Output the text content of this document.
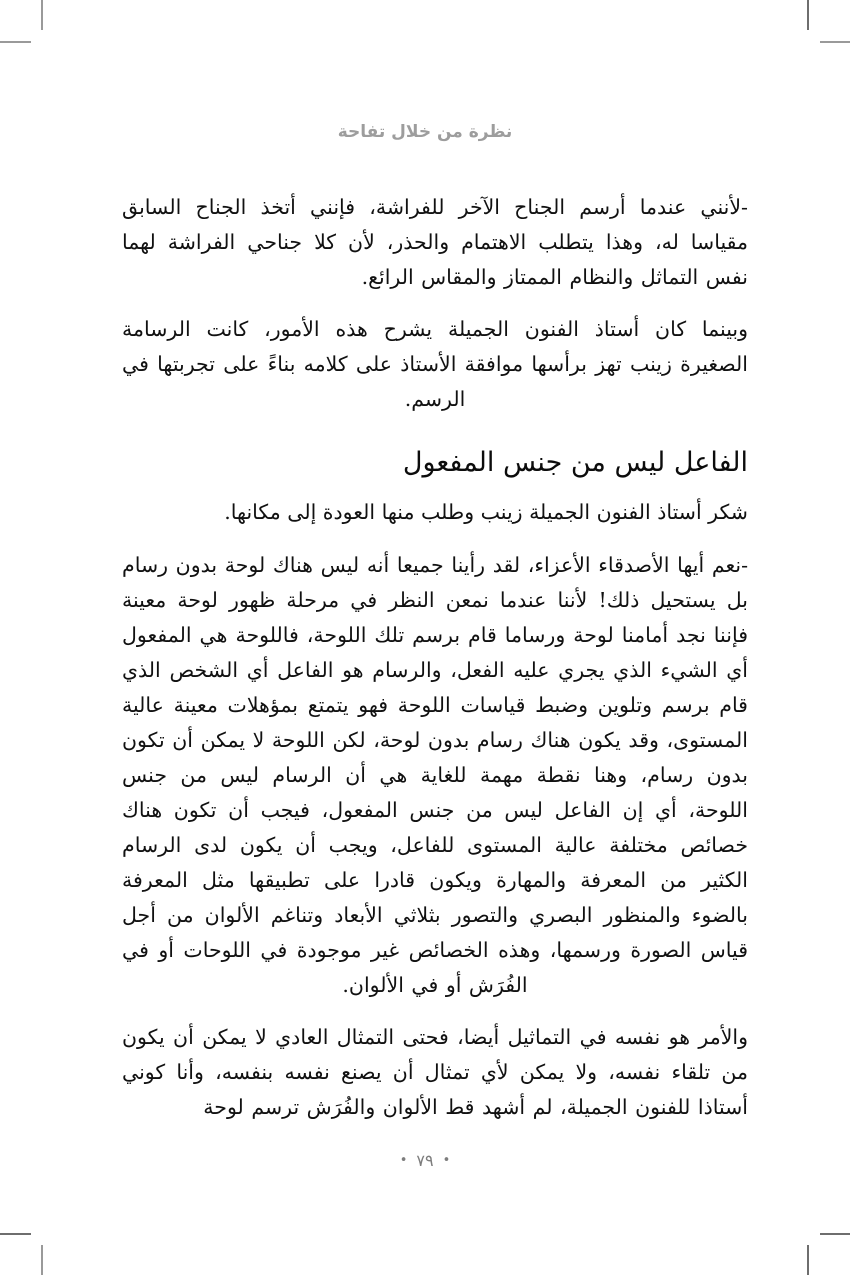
نظرة من خلال تفاحة

-لأنني عندما أرسم الجناح الآخر للفراشة، فإنني أتخذ الجناح السابق مقياسا له، وهذا يتطلب الاهتمام والحذر، لأن كلا جناحي الفراشة لهما نفس التماثل والنظام الممتاز والمقاس الرائع.

وبينما كان أستاذ الفنون الجميلة يشرح هذه الأمور، كانت الرسامة الصغيرة زينب تهز برأسها موافقة الأستاذ على كلامه بناءً على تجربتها في الرسم.

الفاعل ليس من جنس المفعول

شكر أستاذ الفنون الجميلة زينب وطلب منها العودة إلى مكانها.

-نعم أيها الأصدقاء الأعزاء، لقد رأينا جميعا أنه ليس هناك لوحة بدون رسام بل يستحيل ذلك! لأننا عندما نمعن النظر في مرحلة ظهور لوحة معينة فإننا نجد أمامنا لوحة ورساما قام برسم تلك اللوحة، فاللوحة هي المفعول أي الشيء الذي يجري عليه الفعل، والرسام هو الفاعل أي الشخص الذي قام برسم وتلوين وضبط قياسات اللوحة فهو يتمتع بمؤهلات معينة عالية المستوى، وقد يكون هناك رسام بدون لوحة، لكن اللوحة لا يمكن أن تكون بدون رسام، وهنا نقطة مهمة للغاية هي أن الرسام ليس من جنس اللوحة، أي إن الفاعل ليس من جنس المفعول، فيجب أن تكون هناك خصائص مختلفة عالية المستوى للفاعل، ويجب أن يكون لدى الرسام الكثير من المعرفة والمهارة ويكون قادرا على تطبيقها مثل المعرفة بالضوء والمنظور البصري والتصور بثلاثي الأبعاد وتناغم الألوان من أجل قياس الصورة ورسمها، وهذه الخصائص غير موجودة في اللوحات أو في الفُرَش أو في الألوان.

والأمر هو نفسه في التماثيل أيضا، فحتى التمثال العادي لا يمكن أن يكون من تلقاء نفسه، ولا يمكن لأي تمثال أن يصنع نفسه بنفسه، وأنا كوني أستاذا للفنون الجميلة، لم أشهد قط الألوان والفُرَش ترسم لوحة

•٧٩•
